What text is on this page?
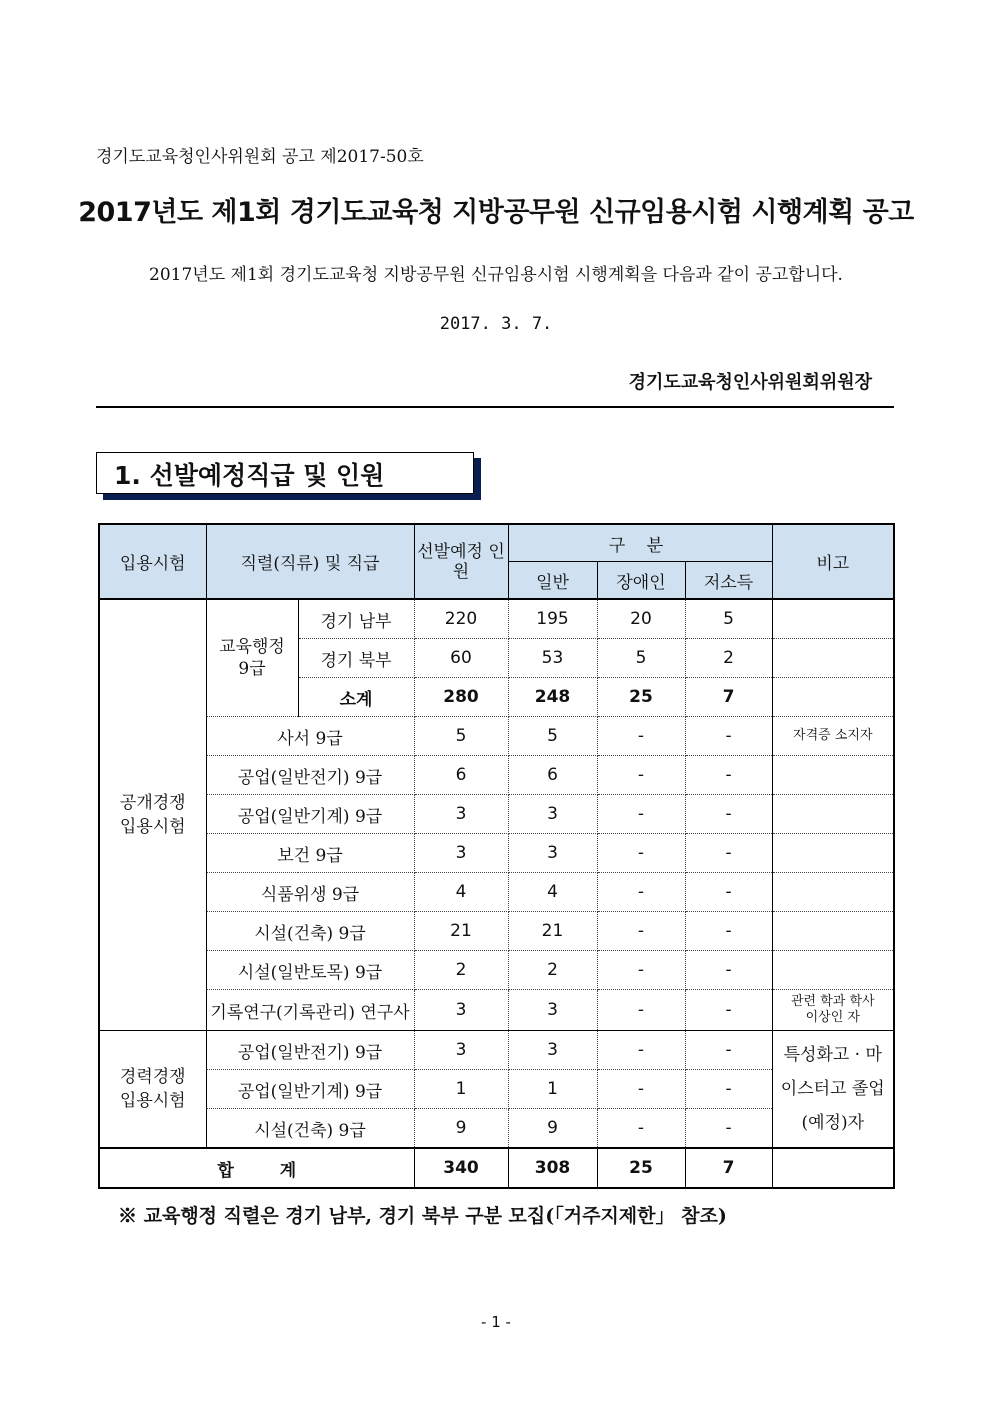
경기도교육청인사위원회 공고 제2017-50호
2017년도 제1회 경기도교육청 지방공무원 신규임용시험 시행계획 공고
2017년도 제1회 경기도교육청 지방공무원 신규임용시험 시행계획을 다음과 같이 공고합니다.
2017. 3. 7.
경기도교육청인사위원회위원장
1. 선발예정직급 및 인원
입용시험	직렬(직류) 및 직급		선발예정 인 원	구 분			비고
				일반	장애인	저소득	
공개경쟁 입용시험	교육행정 9급	경기 남부	220	195	20	5	
		경기 북부	60	53	5	2	
		소계	280	248	25	7	
	사서 9급		5	5	-	-	자격증 소지자
	공업(일반전기) 9급		6	6	-	-	
	공업(일반기계) 9급		3	3	-	-	
	보건 9급		3	3	-	-	
	식품위생 9급		4	4	-	-	
	시설(건축) 9급		21	21	-	-	
	시설(일반토목) 9급		2	2	-	-	
	기록연구(기록관리) 연구사		3	3	-	-	관련 학과 학사 이상인 자
경력경쟁 입용시험	공업(일반전기) 9급		3	3	-	-	특성화고 · 마이스터고 졸업(예정)자
	공업(일반기계) 9급		1	1	-	-	
	시설(건축) 9급		9	9	-	-	
합 계			340	308	25	7	
※ 교육행정 직렬은 경기 남부, 경기 북부 구분 모집(「거주지제한」 참조)
- 1 -
